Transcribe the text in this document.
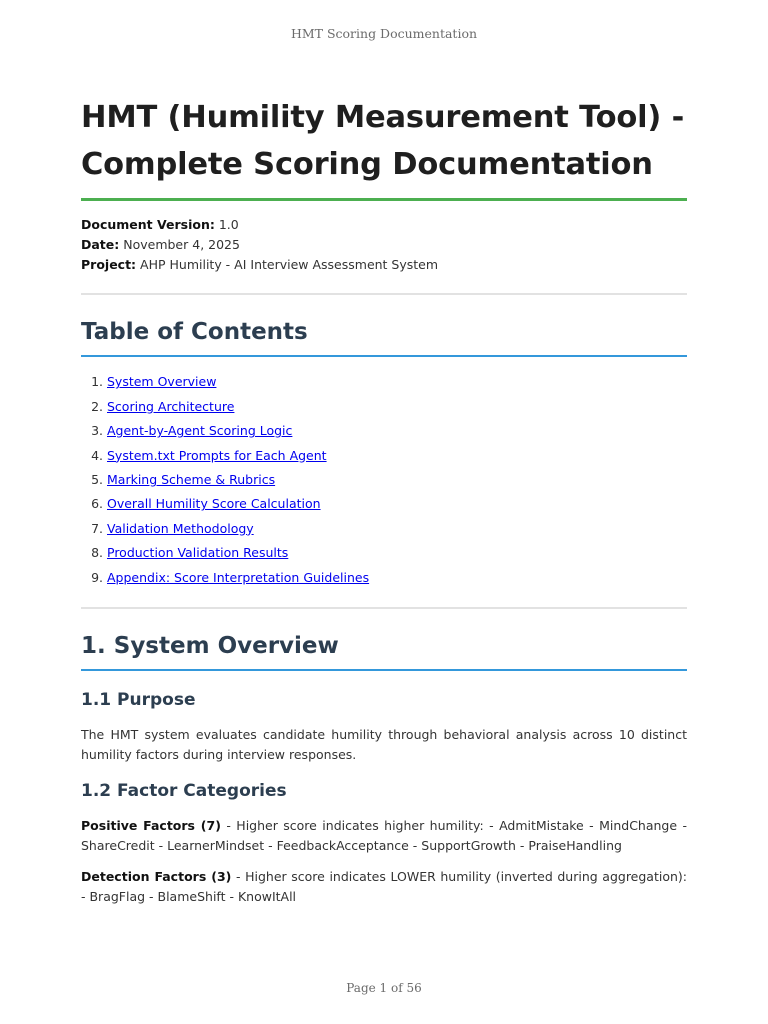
HMT Scoring Documentation
HMT (Humility Measurement Tool) -
Complete Scoring Documentation
Document Version: 1.0
Date: November 4, 2025
Project: AHP Humility - AI Interview Assessment System
Table of Contents
1. System Overview
2. Scoring Architecture
3. Agent-by-Agent Scoring Logic
4. System.txt Prompts for Each Agent
5. Marking Scheme & Rubrics
6. Overall Humility Score Calculation
7. Validation Methodology
8. Production Validation Results
9. Appendix: Score Interpretation Guidelines
1. System Overview
1.1 Purpose

The HMT system evaluates candidate humility through behavioral analysis across 10 distinct humility factors during interview responses.

1.2 Factor Categories

Positive Factors (7) - Higher score indicates higher humility: - AdmitMistake - MindChange - ShareCredit - LearnerMindset - FeedbackAcceptance - SupportGrowth - PraiseHandling

Detection Factors (3) - Higher score indicates LOWER humility (inverted during aggregation): - BragFlag - BlameShift - KnowItAll

Page 1 of 56
